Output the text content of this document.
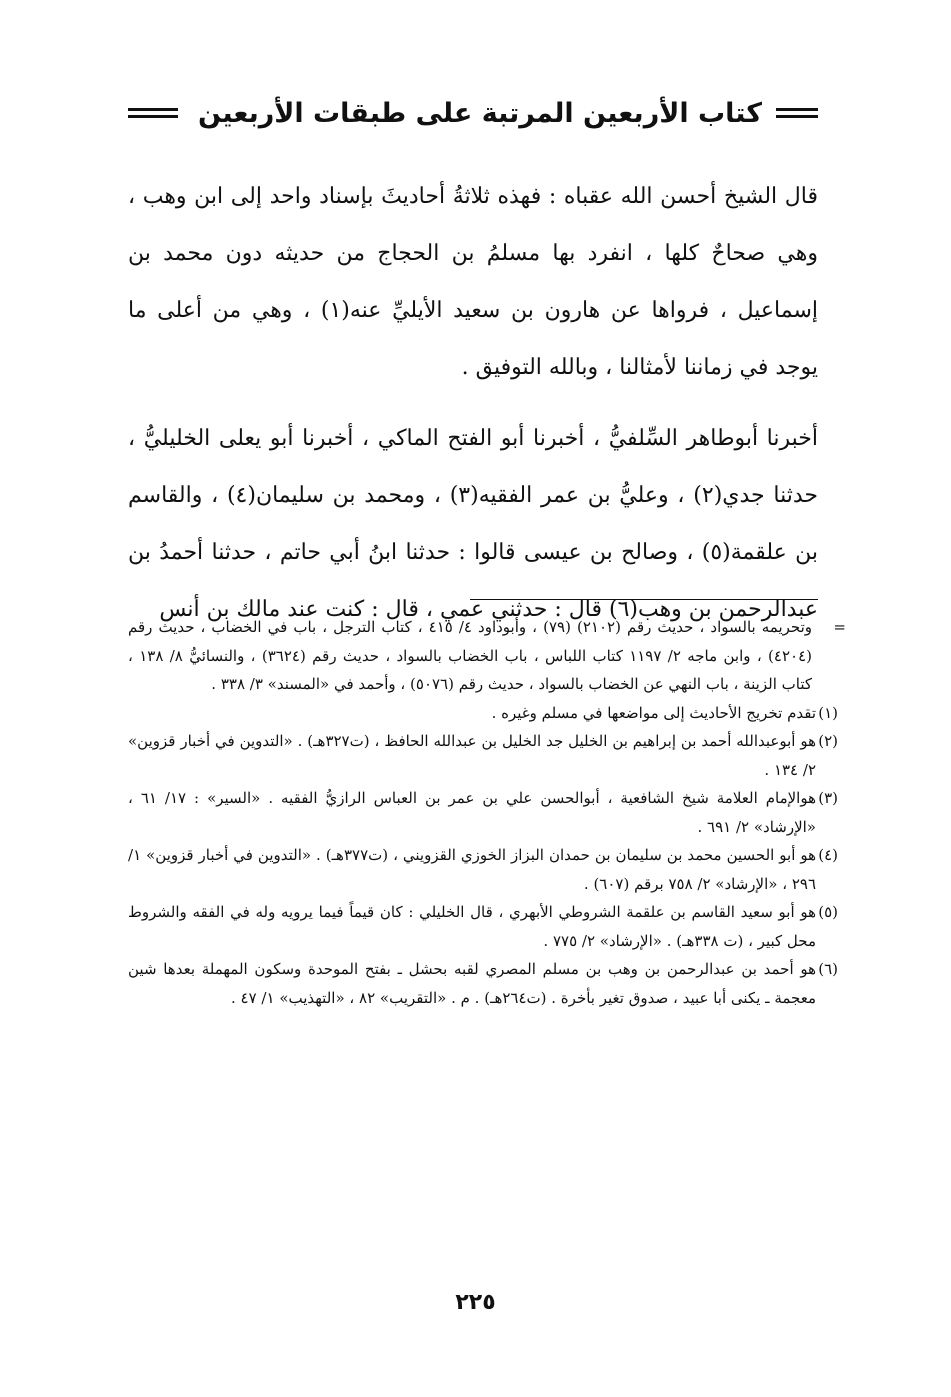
كتاب الأربعين المرتبة على طبقات الأربعين

قال الشيخ أحسن الله عقباه : فهذه ثلاثةُ أحاديثَ بإسناد واحد إلى ابن وهب ، وهي صحاحٌ كلها ، انفرد بها مسلمُ بن الحجاج من حديثه دون محمد بن إسماعيل ، فرواها عن هارون بن سعيد الأيليِّ عنه(١) ، وهي من أعلى ما يوجد في زماننا لأمثالنا ، وبالله التوفيق .

أخبرنا أبوطاهر السِّلفيُّ ، أخبرنا أبو الفتح الماكي ، أخبرنا أبو يعلى الخليليُّ ، حدثنا جدي(٢) ، وعليُّ بن عمر الفقيه(٣) ، ومحمد بن سليمان(٤) ، والقاسم بن علقمة(٥) ، وصالح بن عيسى قالوا : حدثنا ابنُ أبي حاتم ، حدثنا أحمدُ بن عبدالرحمن بن وهب(٦) قال : حدثني عمي ، قال : كنت عند مالك بن أنس

=
وتحريمه بالسواد ، حديث رقم (٢١٠٢) (٧٩) ، وأبوداود ٤/ ٤١٥ ، كتاب الترجل ، باب في الخضاب ، حديث رقم (٤٢٠٤) ، وابن ماجه ٢/ ١١٩٧ كتاب اللباس ، باب الخضاب بالسواد ، حديث رقم (٣٦٢٤) ، والنسائيُّ ٨/ ١٣٨ ، كتاب الزينة ، باب النهي عن الخضاب بالسواد ، حديث رقم (٥٠٧٦) ، وأحمد في «المسند» ٣/ ٣٣٨ .
(١)
تقدم تخريج الأحاديث إلى مواضعها في مسلم وغيره .
(٢)
هو أبوعبدالله أحمد بن إبراهيم بن الخليل جد الخليل بن عبدالله الحافظ ، (ت٣٢٧هـ) . «التدوين في أخبار قزوين» ٢/ ١٣٤ .
(٣)
هوالإمام العلامة شيخ الشافعية ، أبوالحسن علي بن عمر بن العباس الرازيُّ الفقيه . «السير» : ١٧/ ٦١ ، «الإرشاد» ٢/ ٦٩١ .
(٤)
هو أبو الحسين محمد بن سليمان بن حمدان البزاز الخوزي القزويني ، (ت٣٧٧هـ) . «التدوين في أخبار قزوين» ١/ ٢٩٦ ، «الإرشاد» ٢/ ٧٥٨ برقم (٦٠٧) .
(٥)
هو أبو سعيد القاسم بن علقمة الشروطي الأبهري ، قال الخليلي : كان قيماً فيما يرويه وله في الفقه والشروط محل كبير ، (ت ٣٣٨هـ) . «الإرشاد» ٢/ ٧٧٥ .
(٦)
هو أحمد بن عبدالرحمن بن وهب بن مسلم المصري لقبه بحشل ـ بفتح الموحدة وسكون المهملة بعدها شين معجمة ـ يكنى أبا عبيد ، صدوق تغير بأخرة . (ت٢٦٤هـ) . م . «التقريب» ٨٢ ، «التهذيب» ١/ ٤٧ .
٢٢٥
